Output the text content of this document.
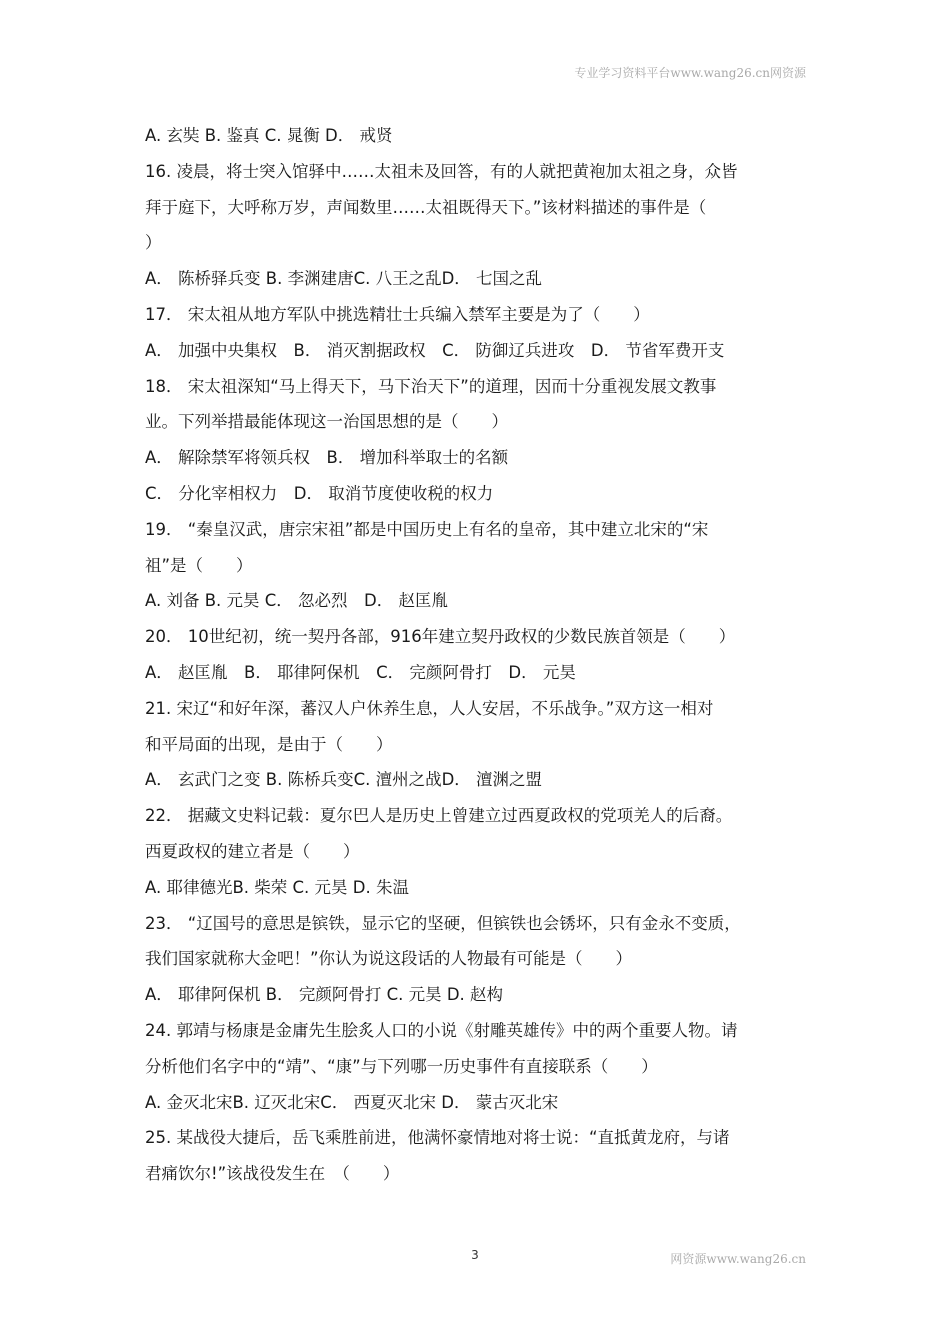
专业学习资料平台www.wang26.cn网资源
A. 玄奘 B. 鉴真 C. 晁衡 D． 戒贤
16. 凌晨，将士突入馆驿中……太祖未及回答，有的人就把黄袍加太祖之身，众皆
拜于庭下，大呼称万岁，声闻数里……太祖既得天下。”该材料描述的事件是（
）
A． 陈桥驿兵变 B. 李渊建唐C. 八王之乱D． 七国之乱
17． 宋太祖从地方军队中挑选精壮士兵编入禁军主要是为了（　　）
A． 加强中央集权　B． 消灭割据政权　C． 防御辽兵进攻　D． 节省军费开支
18． 宋太祖深知“马上得天下，马下治天下”的道理，因而十分重视发展文教事
业。下列举措最能体现这一治国思想的是（　　）
A． 解除禁军将领兵权　B． 增加科举取士的名额
C． 分化宰相权力　D． 取消节度使收税的权力
19． “秦皇汉武，唐宗宋祖”都是中国历史上有名的皇帝，其中建立北宋的“宋
祖”是（　　）
A. 刘备 B. 元昊 C． 忽必烈　D． 赵匡胤
20． 10世纪初，统一契丹各部，916年建立契丹政权的少数民族首领是（　　）
A． 赵匡胤　B． 耶律阿保机　C． 完颜阿骨打　D． 元昊
21. 宋辽“和好年深，蕃汉人户休养生息，人人安居，不乐战争。”双方这一相对
和平局面的出现，是由于（　　）
A． 玄武门之变 B. 陈桥兵变C. 澶州之战D． 澶渊之盟
22． 据藏文史料记载：夏尔巴人是历史上曾建立过西夏政权的党项羌人的后裔。
西夏政权的建立者是（　　）
A. 耶律德光B. 柴荣 C. 元昊 D. 朱温
23． “辽国号的意思是镔铁，显示它的坚硬，但镔铁也会锈坏，只有金永不变质，
我们国家就称大金吧！”你认为说这段话的人物最有可能是（　　）
A． 耶律阿保机 B． 完颜阿骨打 C. 元昊 D. 赵构
24. 郭靖与杨康是金庸先生脍炙人口的小说《射雕英雄传》中的两个重要人物。请
分析他们名字中的“靖”、“康”与下列哪一历史事件有直接联系（　　）
A. 金灭北宋B. 辽灭北宋C． 西夏灭北宋 D． 蒙古灭北宋
25. 某战役大捷后，岳飞乘胜前进，他满怀豪情地对将士说：“直抵黄龙府，与诸
君痛饮尔!”该战役发生在　（　　）
3	网资源www.wang26.cn
